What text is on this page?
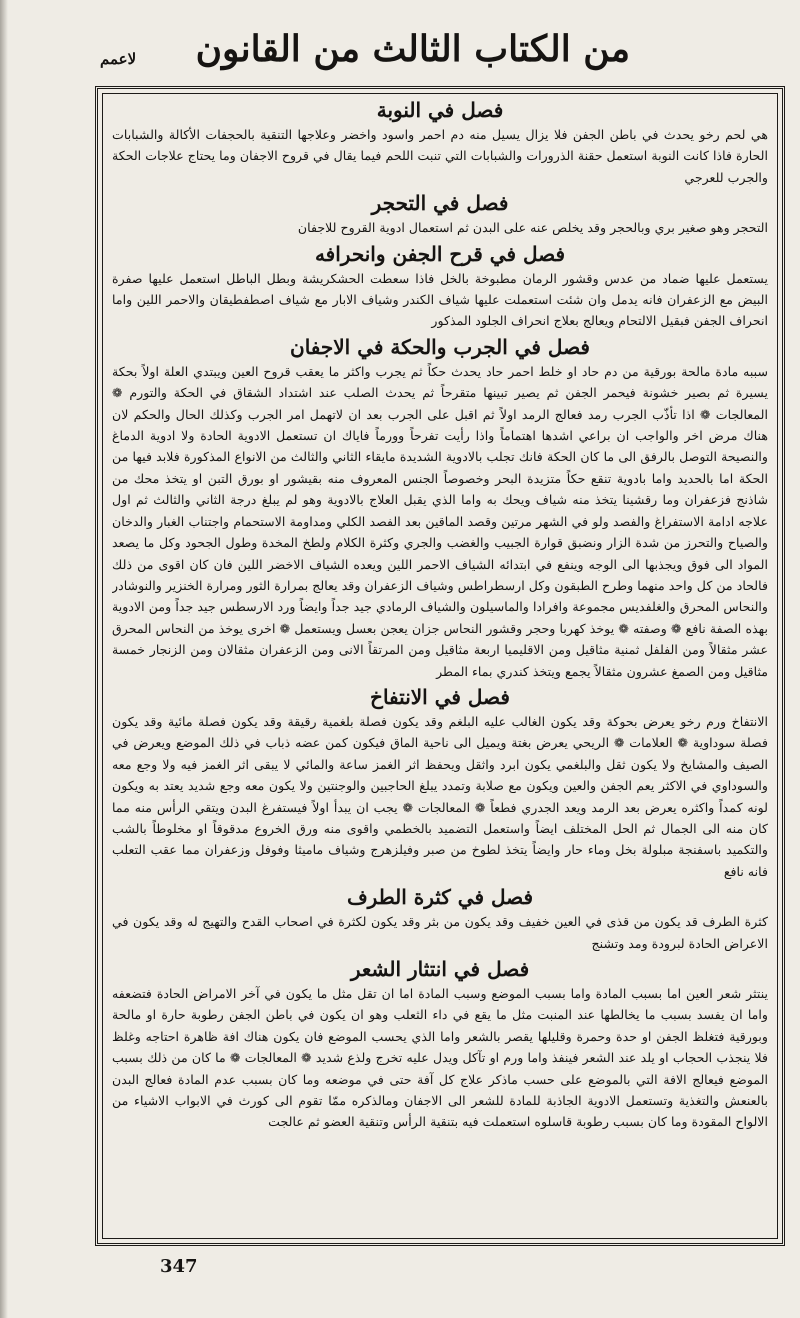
من الكتاب الثالث من القانون
لاعمم
فصل في النوبة

هي لحم رخو يحدث في باطن الجفن فلا يزال يسيل منه دم احمر واسود واخضر وعلاجها التنقية بالحجفات الأكالة والشبابات الحارة فاذا كانت النوبة استعمل حقنة الذرورات والشبابات التي تنبت اللحم فيما يقال في قروح الاجفان وما يحتاج علاجات الحكة والجرب للعرجي

فصل في التحجر

التحجر وهو صغير بري وبالحجر وقد يخلص عنه على البدن ثم استعمال ادوية القروح للاجفان

فصل في قرح الجفن وانحرافه

يستعمل عليها ضماد من عدس وقشور الرمان مطبوخة بالخل فاذا سعطت الحشكريشة وبطل الباطل استعمل عليها صفرة البيض مع الزعفران فانه يدمل وان شئت استعملت عليها شياف الكندر وشياف الابار مع شياف اصطفطيقان والاحمر اللين واما انحراف الجفن فبقيل الالتحام ويعالج بعلاج انحراف الجلود المذكور

فصل في الجرب والحكة في الاجفان

سببه مادة مالحة بورقية من دم حاد او خلط احمر حاد يحدث حكاً ثم يجرب واكثر ما يعقب قروح العين ويبتدي العلة اولاً بحكة يسيرة ثم بصير خشونة فيحمر الجفن ثم يصير تبينها متقرحاً ثم يحدث الصلب عند اشتداد الشقاق في الحكة والتورم ❁ المعالجات ❁ اذا تأذّب الجرب رمد فعالج الرمد اولاً ثم اقبل على الجرب بعد ان لاتهمل امر الجرب وكذلك الحال والحكم لان هناك مرض اخر والواجب ان براعي اشدها اهتماماً واذا رأيت تفرحاً وورماً فاياك ان تستعمل الادوية الحادة ولا ادوية الدماغ والنصيحة التوصل بالرفق الى ما كان الحكة فانك تجلب بالادوية الشديدة مايقاء الثاني والثالث من الانواع المذكورة فلابد فيها من الحكة اما بالحديد واما بادوية تنقع حكاً متزيدة البحر وخصوصاً الجنس المعروف منه بقيشور او بورق التبن او يتخذ محك من شاذنج فزعفران وما رقشينا يتخذ منه شياف ويحك به واما الذي يقبل العلاج بالادوية وهو لم يبلغ درجة الثاني والثالث ثم اول علاجه ادامة الاستفراغ والفصد ولو في الشهر مرتين وقصد الماقين بعد الفصد الكلي ومداومة الاستحمام واجتناب الغبار والدخان والصياح والتحرز من شدة الزار ونضبق قوارة الجبيب والغضب والجري وكثرة الكلام ولطخ المخدة وطول الجحود وكل ما يصعد المواد الى فوق ويجذبها الى الوجه وينفع في ابتدائه الشياف الاحمر اللين ويعده الشياف الاخضر اللين فان كان اقوى من ذلك فالحاد من كل واحد منهما وطرح الطبقون وكل ارسطراطس وشياف الزعفران وقد يعالج بمرارة الثور ومرارة الخنزير والنوشادر والنحاس المحرق والغلفديس مجموعة وافرادا والماسيلون والشياف الرمادي جيد جداً وايضاً ورد الارسطس جيد جداً ومن الادوية بهذه الصفة نافع ❁ وصفته ❁ يوخذ كهربا وحجر وقشور النحاس جزان يعجن بعسل ويستعمل ❁ اخرى يوخذ من النحاس المحرق عشر مثقالاً ومن الفلفل ثمنية مثاقيل ومن الاقليميا اربعة مثاقيل ومن المرتقاً الانى ومن الزعفران مثقالان ومن الزنجار خمسة مثاقيل ومن الصمغ عشرون مثقالاً يجمع ويتخذ كندري بماء المطر

فصل في الانتفاخ

الانتفاخ ورم رخو يعرض بحوكة وقد يكون الغالب عليه البلغم وقد يكون فصلة بلغمية رقيقة وقد يكون فصلة مائية وقد يكون فصلة سوداوية ❁ العلامات ❁ الريحي يعرض بغتة ويميل الى ناحية الماق فيكون كمن عضه ذباب في ذلك الموضع ويعرض في الصيف والمشايخ ولا يكون ثقل والبلغمي يكون ابرد واثقل ويحفظ اثر الغمز ساعة والمائي لا يبقى اثر الغمز فيه ولا وجع معه والسوداوي في الاكثر يعم الجفن والعين ويكون مع صلابة وتمدد يبلغ الحاجبين والوجنتين ولا يكون معه وجع شديد يعتد به ويكون لونه كمداً واكثره يعرض بعد الرمد ويعد الجدري فطعاً ❁ المعالجات ❁ يجب ان يبدأ اولاً فيستفرغ البدن ويتقي الرأس منه مما كان منه الى الجمال ثم الحل المختلف ايضاً واستعمل التضميد بالخطمي واقوى منه ورق الخروع مدقوقاً او مخلوطاً بالشب والتكميد باسفنجة مبلولة بخل وماء حار وايضاً يتخذ لطوخ من صبر وفيلزهرج وشياف ماميثا وفوفل وزعفران مما عقب التعلب فانه نافع

فصل في كثرة الطرف

كثرة الطرف قد يكون من قذى في العين خفيف وقد يكون من بثر وقد يكون لكثرة في اصحاب القدح والتهيج له وقد يكون في الاعراض الحادة لبرودة ومد وتشنج

فصل في انتثار الشعر

ينتثر شعر العين اما بسبب المادة واما بسبب الموضع وسبب المادة اما ان تقل مثل ما يكون في آخر الامراض الحادة فتضعفه واما ان يفسد بسبب ما يخالطها عند المنبت مثل ما يقع في داء الثعلب وهو ان يكون في باطن الجفن رطوبة حارة او مالحة وبورقية فتغلظ الجفن او حدة وحمرة وقليلها يقصر بالشعر واما الذي يحسب الموضع فان يكون هناك افة ظاهرة احتاجه وغلظ فلا ينجذب الحجاب او يلد عند الشعر فينفذ واما ورم او تآكل ويدل عليه تخرج ولذع شديد ❁ المعالجات ❁ ما كان من ذلك بسبب الموضع فيعالج الافة التي بالموضع على حسب ماذكر علاج كل آفة حتى في موضعه وما كان بسبب عدم المادة فعالج البدن بالعنعش والتغذية وتستعمل الادوية الجاذبة للمادة للشعر الى الاجفان ومالذكره ممّا تقوم الى كورث في الابواب الاشياء من الالواح المقودة وما كان بسبب رطوبة قاسلوه استعملت فيه بتنقية الرأس وتنقية العضو ثم عالجت

347
